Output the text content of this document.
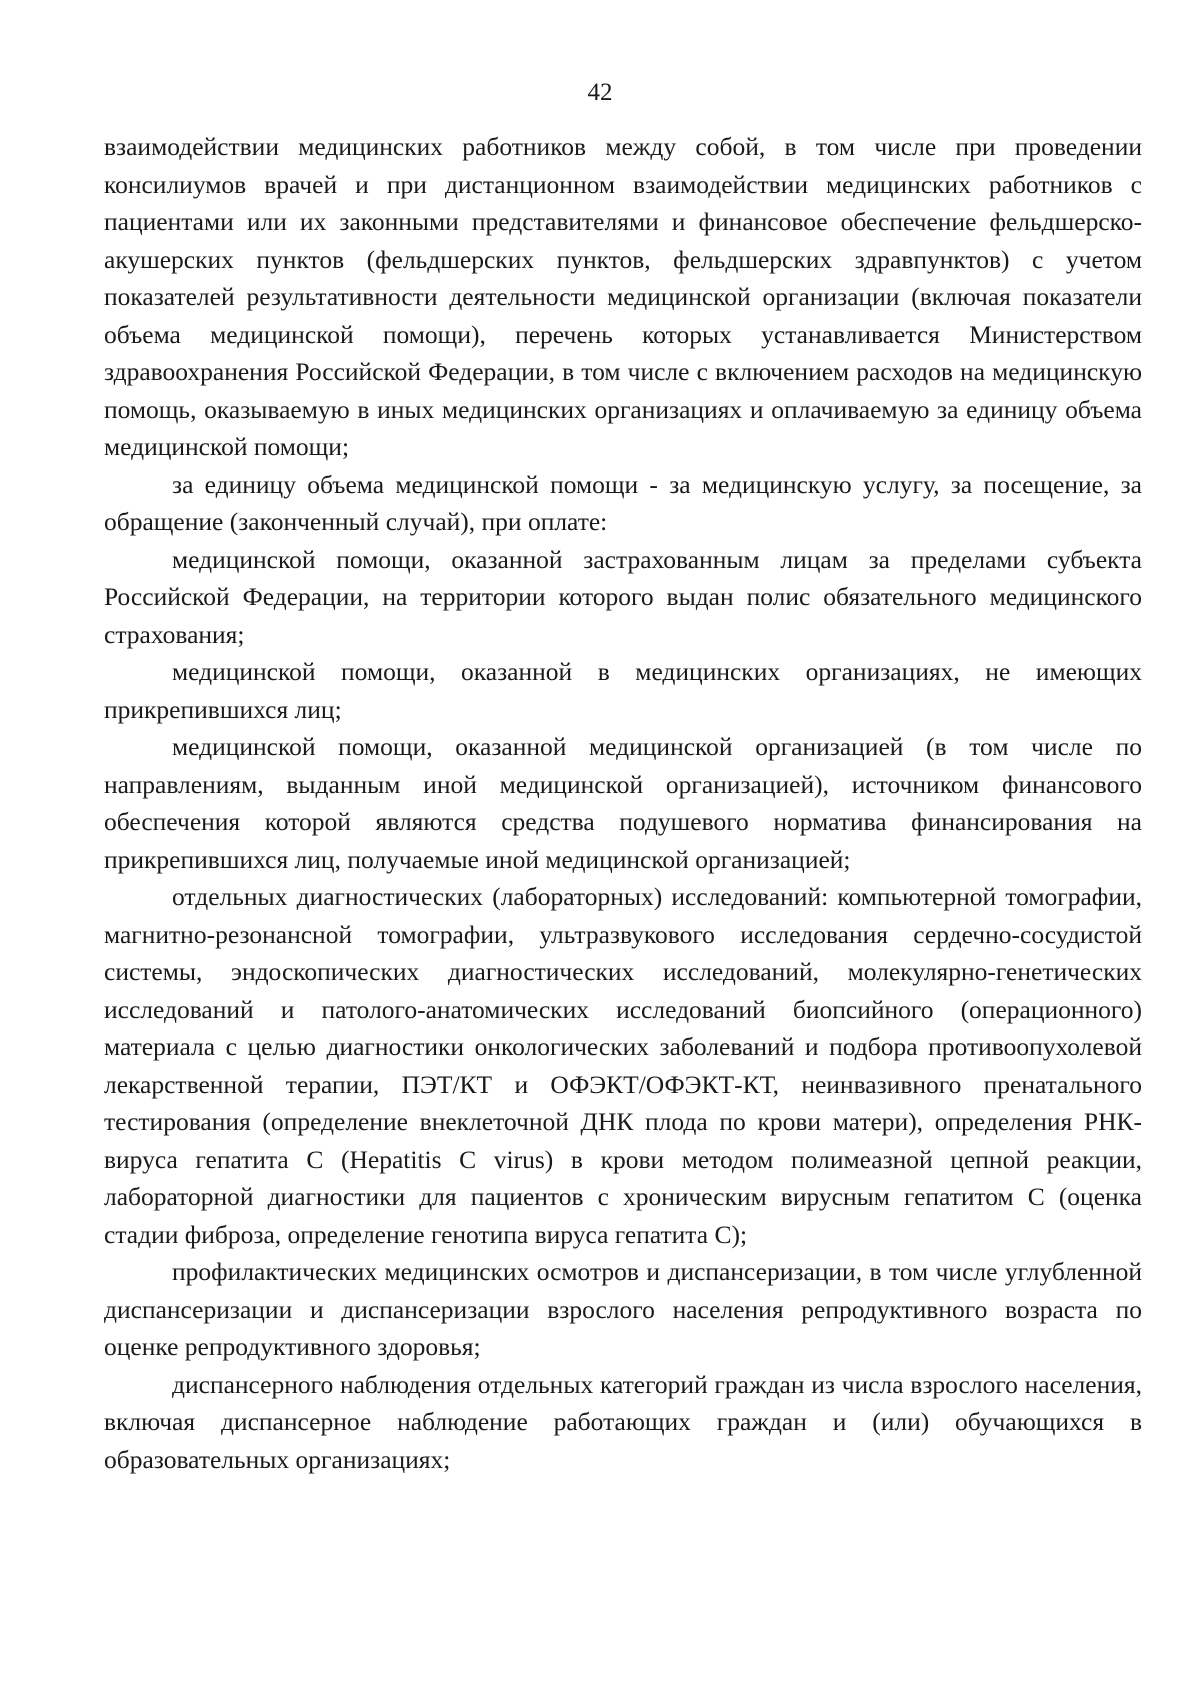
42

взаимодействии медицинских работников между собой, в том числе при проведении консилиумов врачей и при дистанционном взаимодействии медицинских работников с пациентами или их законными представителями и финансовое обеспечение фельдшерско-акушерских пунктов (фельдшерских пунктов, фельдшерских здравпунктов) с учетом показателей результативности деятельности медицинской организации (включая показатели объема медицинской помощи), перечень которых устанавливается Министерством здравоохранения Российской Федерации, в том числе с включением расходов на медицинскую помощь, оказываемую в иных медицинских организациях и оплачиваемую за единицу объема медицинской помощи;

за единицу объема медицинской помощи - за медицинскую услугу, за посещение, за обращение (законченный случай), при оплате:

медицинской помощи, оказанной застрахованным лицам за пределами субъекта Российской Федерации, на территории которого выдан полис обязательного медицинского страхования;

медицинской помощи, оказанной в медицинских организациях, не имеющих прикрепившихся лиц;

медицинской помощи, оказанной медицинской организацией (в том числе по направлениям, выданным иной медицинской организацией), источником финансового обеспечения которой являются средства подушевого норматива финансирования на прикрепившихся лиц, получаемые иной медицинской организацией;

отдельных диагностических (лабораторных) исследований: компьютерной томографии, магнитно-резонансной томографии, ультразвукового исследования сердечно-сосудистой системы, эндоскопических диагностических исследований, молекулярно-генетических исследований и патолого-анатомических исследований биопсийного (операционного) материала с целью диагностики онкологических заболеваний и подбора противоопухолевой лекарственной терапии, ПЭТ/КТ и ОФЭКТ/ОФЭКТ-КТ, неинвазивного пренатального тестирования (определение внеклеточной ДНК плода по крови матери), определения РНК-вируса гепатита С (Hepatitis C virus) в крови методом полимеазной цепной реакции, лабораторной диагностики для пациентов с хроническим вирусным гепатитом С (оценка стадии фиброза, определение генотипа вируса гепатита С);

профилактических медицинских осмотров и диспансеризации, в том числе углубленной диспансеризации и диспансеризации взрослого населения репродуктивного возраста по оценке репродуктивного здоровья;

диспансерного наблюдения отдельных категорий граждан из числа взрослого населения, включая диспансерное наблюдение работающих граждан и (или) обучающихся в образовательных организациях;
